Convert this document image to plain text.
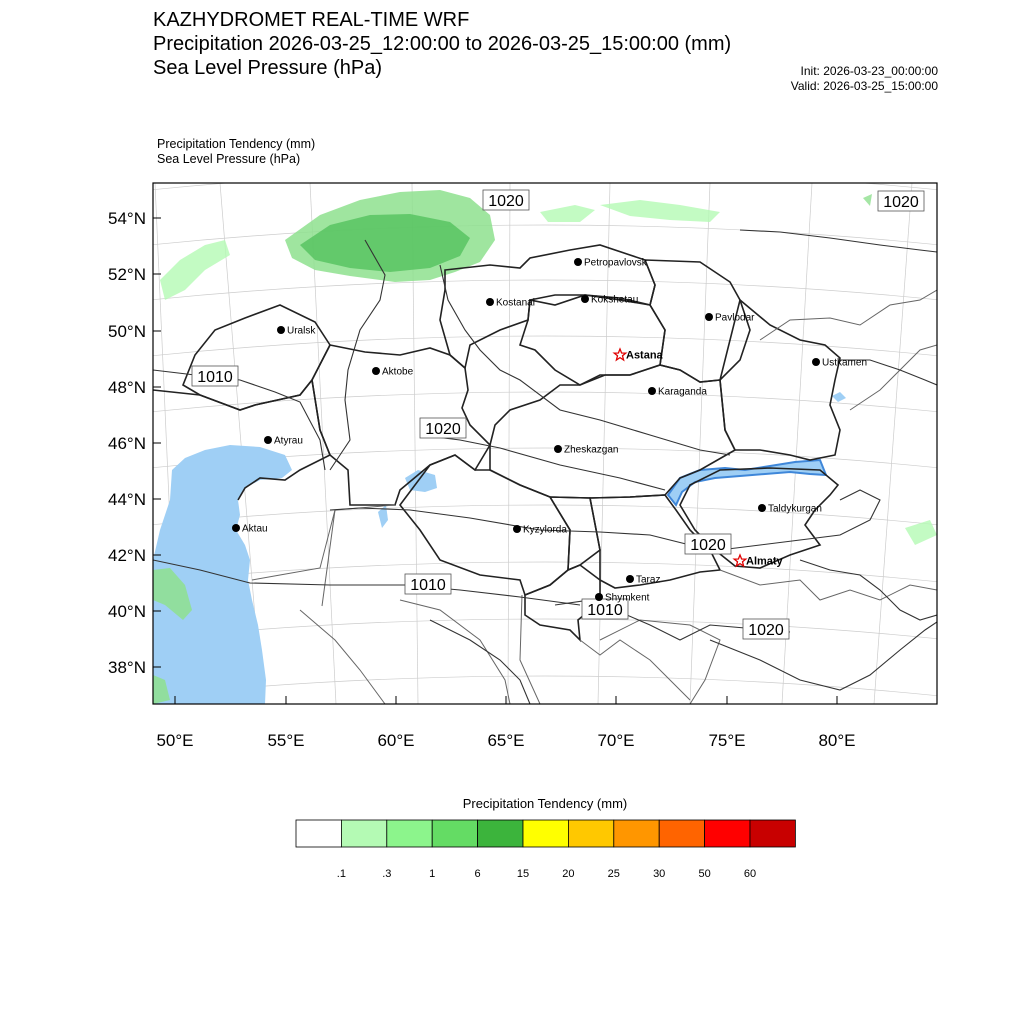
KAZHYDROMET REAL-TIME WRF
Precipitation 2026-03-25_12:00:00 to 2026-03-25_15:00:00 (mm)
Sea Level Pressure (hPa)	Init: 2026-03-23_00:00:00
Valid: 2026-03-25_15:00:00
Precipitation Tendency (mm)
Sea Level Pressure (hPa)
54°N
52°N
50°N
48°N
46°N
44°N
42°N
40°N
38°N
50°E	55°E	60°E	65°E	70°E	75°E	80°E
1020	1020
1010
1020
1020
1010
1010
1020
Petropavlovsk
Kostanai	Kokshetau
Pavlodar
Uralsk
Astana
Aktobe
Ustkamen
Karaganda
Atyrau
Zheskazgan
Taldykurgan
Aktau	Kyzylorda
Almaty
Taraz
Shymkent
.1	.3	1	6	15	20	25	30	50	60
Precipitation Tendency (mm)
